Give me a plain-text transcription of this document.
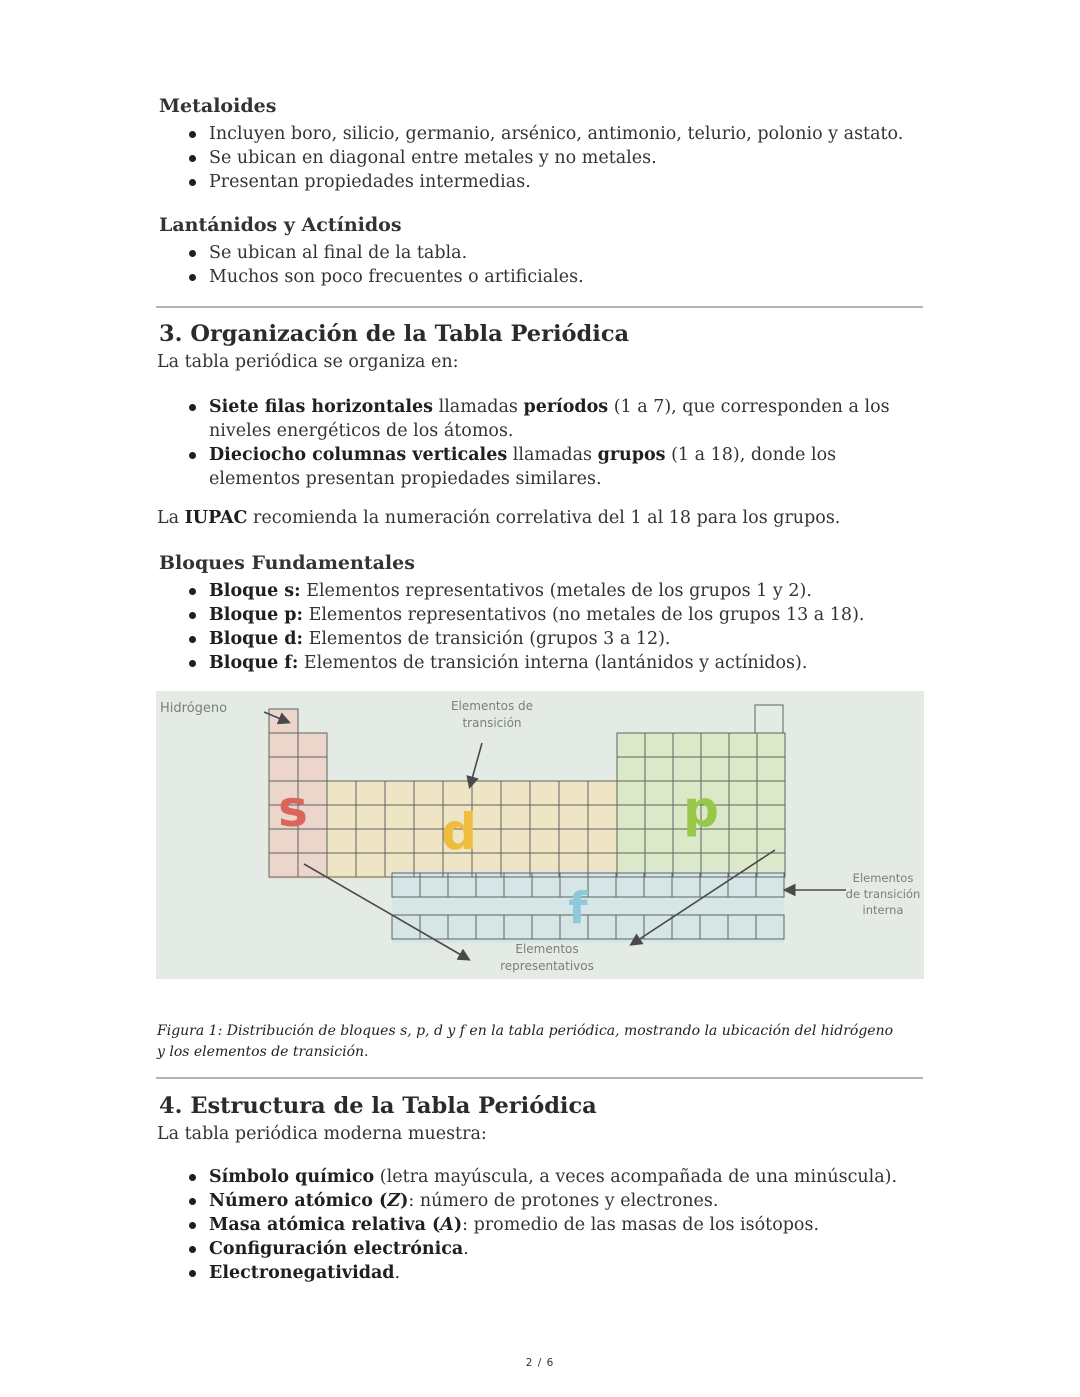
Metaloides
Incluyen boro, silicio, germanio, arsénico, antimonio, telurio, polonio y astato.
Se ubican en diagonal entre metales y no metales.
Presentan propiedades intermedias.
Lantánidos y Actínidos
Se ubican al final de la tabla.
Muchos son poco frecuentes o artificiales.
3. Organización de la Tabla Periódica

La tabla periódica se organiza en:

Siete filas horizontales llamadas períodos (1 a 7), que corresponden a los niveles energéticos de los átomos.
Dieciocho columnas verticales llamadas grupos (1 a 18), donde los elementos presentan propiedades similares.

La IUPAC recomienda la numeración correlativa del 1 al 18 para los grupos.

Bloques Fundamentales
Bloque s: Elementos representativos (metales de los grupos 1 y 2).
Bloque p: Elementos representativos (no metales de los grupos 13 a 18).
Bloque d: Elementos de transición (grupos 3 a 12).
Bloque f: Elementos de transición interna (lantánidos y actínidos).
s	d	p
f
Hidrógeno	Elementos de
transición
Elementos
de transición
interna
Elementos
representativos

Figura 1: Distribución de bloques s, p, d y f en la tabla periódica, mostrando la ubicación del hidrógeno y los elementos de transición.

4. Estructura de la Tabla Periódica

La tabla periódica moderna muestra:

Símbolo químico (letra mayúscula, a veces acompañada de una minúscula).
Número atómico (Z): número de protones y electrones.
Masa atómica relativa (A): promedio de las masas de los isótopos.
Configuración electrónica.
Electronegatividad.
2 / 6
